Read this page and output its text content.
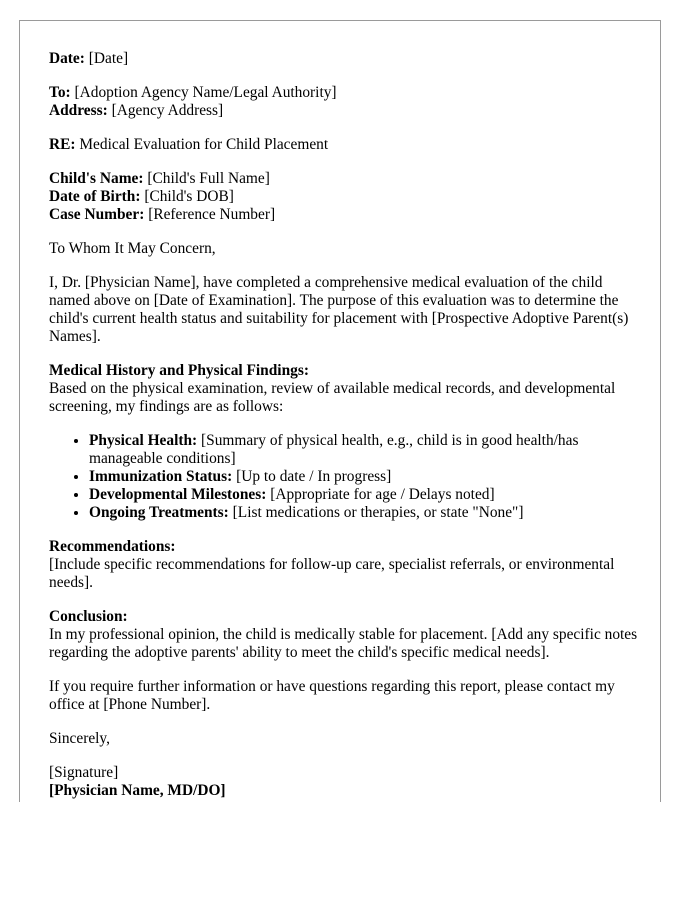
Date: [Date]
To: [Adoption Agency Name/Legal Authority]
Address: [Agency Address]
RE: Medical Evaluation for Child Placement
Child's Name: [Child's Full Name]
Date of Birth: [Child's DOB]
Case Number: [Reference Number]
To Whom It May Concern,
I, Dr. [Physician Name], have completed a comprehensive medical evaluation of the child named above on [Date of Examination]. The purpose of this evaluation was to determine the child's current health status and suitability for placement with [Prospective Adoptive Parent(s) Names].
Medical History and Physical Findings:
Based on the physical examination, review of available medical records, and developmental screening, my findings are as follows:
• Physical Health: [Summary of physical health, e.g., child is in good health/has manageable conditions]
• Immunization Status: [Up to date / In progress]
• Developmental Milestones: [Appropriate for age / Delays noted]
• Ongoing Treatments: [List medications or therapies, or state "None"]
Recommendations:
[Include specific recommendations for follow-up care, specialist referrals, or environmental needs].
Conclusion:
In my professional opinion, the child is medically stable for placement. [Add any specific notes regarding the adoptive parents' ability to meet the child's specific medical needs].
If you require further information or have questions regarding this report, please contact my office at [Phone Number].
Sincerely,
[Signature]
[Physician Name, MD/DO]
